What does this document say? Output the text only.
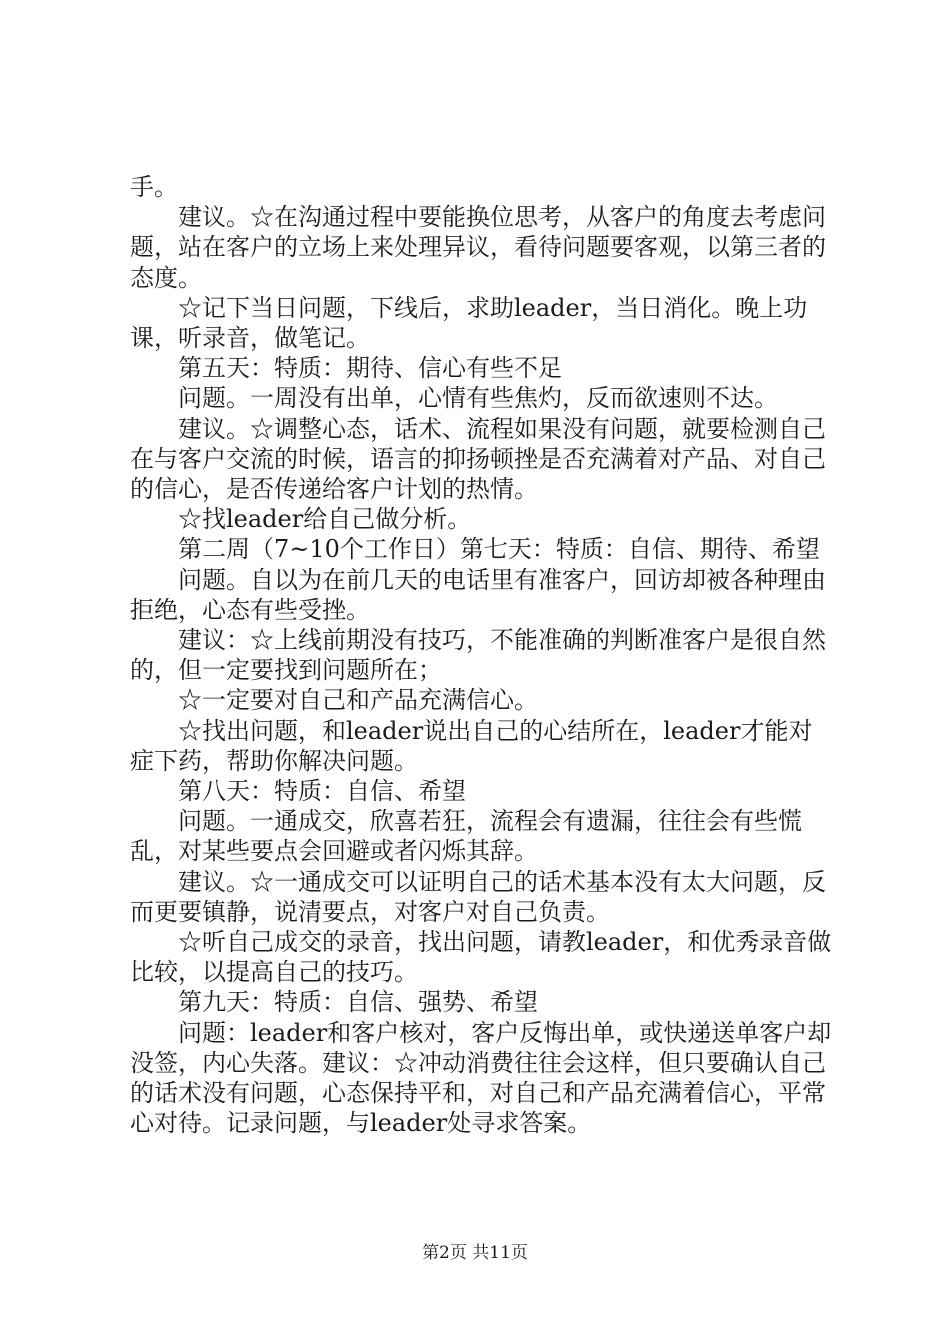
手。

建议。☆在沟通过程中要能换位思考，从客户的角度去考虑问题，站在客户的立场上来处理异议，看待问题要客观，以第三者的态度。

☆记下当日问题，下线后，求助leader，当日消化。晚上功课，听录音，做笔记。

第五天：特质：期待、信心有些不足

问题。一周没有出单，心情有些焦灼，反而欲速则不达。

建议。☆调整心态，话术、流程如果没有问题，就要检测自己在与客户交流的时候，语言的抑扬顿挫是否充满着对产品、对自己的信心，是否传递给客户计划的热情。

☆找leader给自己做分析。

第二周（7~10个工作日）第七天：特质：自信、期待、希望

问题。自以为在前几天的电话里有准客户，回访却被各种理由拒绝，心态有些受挫。

建议：☆上线前期没有技巧，不能准确的判断准客户是很自然的，但一定要找到问题所在；

☆一定要对自己和产品充满信心。

☆找出问题，和leader说出自己的心结所在，leader才能对症下药，帮助你解决问题。

第八天：特质：自信、希望

问题。一通成交，欣喜若狂，流程会有遗漏，往往会有些慌乱，对某些要点会回避或者闪烁其辞。

建议。☆一通成交可以证明自己的话术基本没有太大问题，反而更要镇静，说清要点，对客户对自己负责。

☆听自己成交的录音，找出问题，请教leader，和优秀录音做比较，以提高自己的技巧。

第九天：特质：自信、强势、希望

问题：leader和客户核对，客户反悔出单，或快递送单客户却没签，内心失落。建议：☆冲动消费往往会这样，但只要确认自己的话术没有问题，心态保持平和，对自己和产品充满着信心，平常心对待。记录问题，与leader处寻求答案。

第2页 共11页
